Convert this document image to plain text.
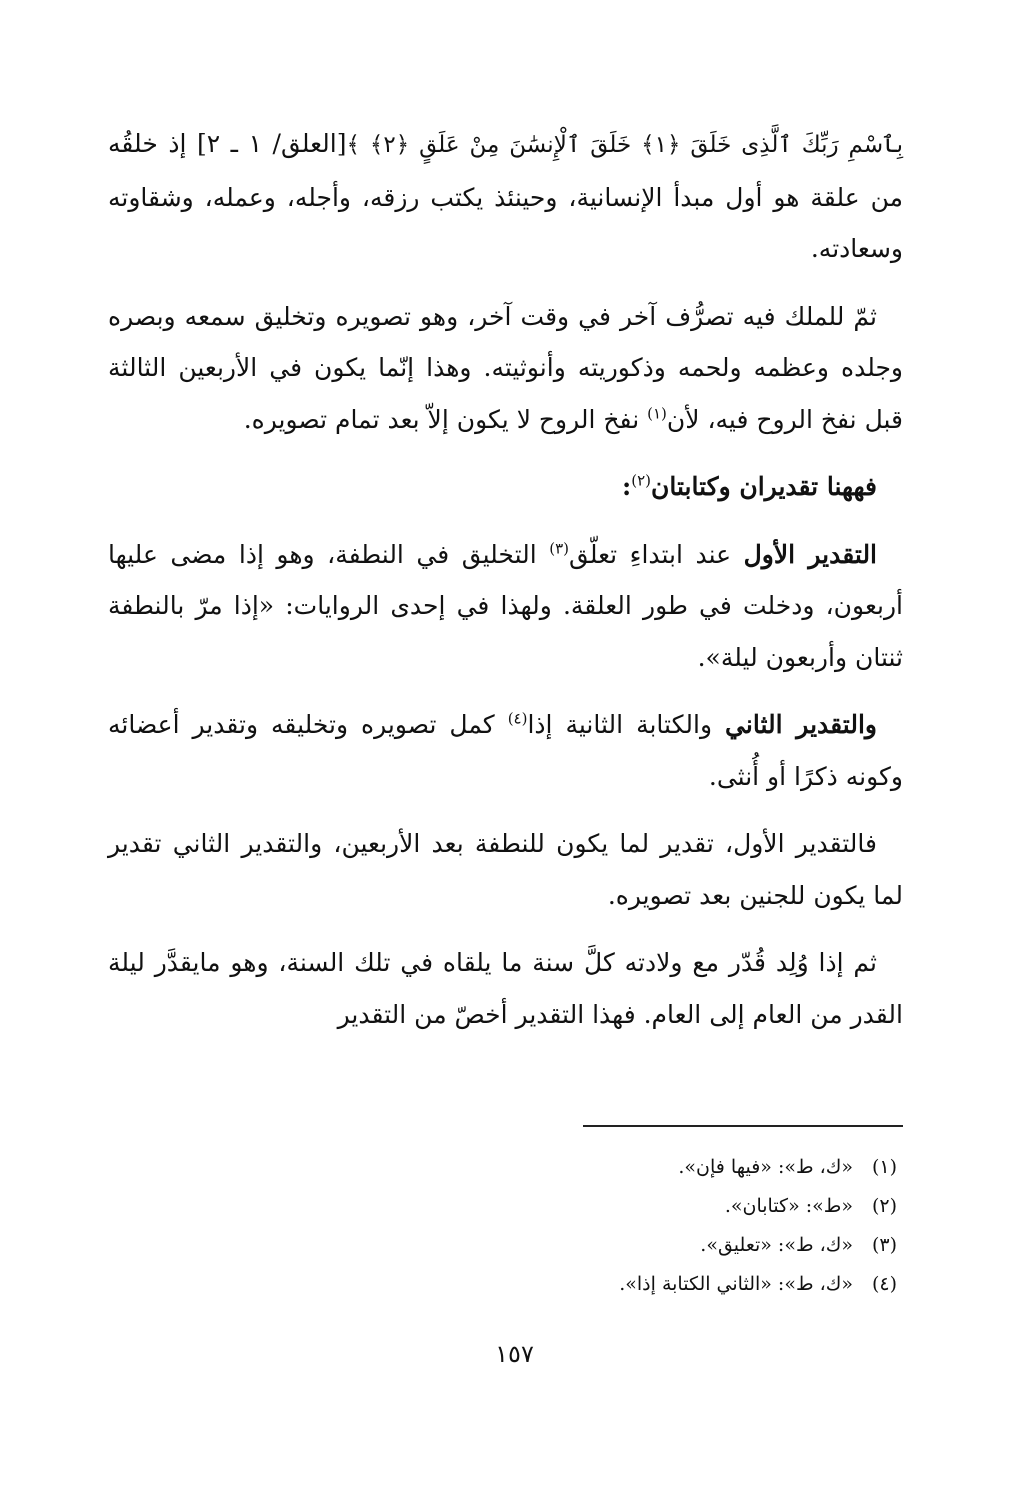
بِٱسْمِ رَبِّكَ ٱلَّذِى خَلَقَ ﴿١﴾ خَلَقَ ٱلْإِنسَٰنَ مِنْ عَلَقٍ ﴿٢﴾ ﴾[العلق/ ١ ـ ٢] إذ خلقُه من علقة هو أول مبدأ الإنسانية، وحينئذ يكتب رزقه، وأجله، وعمله، وشقاوته وسعادته.

ثمّ للملك فيه تصرُّف آخر في وقت آخر، وهو تصويره وتخليق سمعه وبصره وجلده وعظمه ولحمه وذكوريته وأنوثيته. وهذا إنّما يكون في الأربعين الثالثة قبل نفخ الروح فيه، لأن$^{(١)}$ نفخ الروح لا يكون إلاّ بعد تمام تصويره.

فههنا تقديران وكتابتان$^{(٢)}$:

التقدير الأول عند ابتداءِ تعلّق$^{(٣)}$ التخليق في النطفة، وهو إذا مضى عليها أربعون، ودخلت في طور العلقة. ولهذا في إحدى الروايات: «إذا مرّ بالنطفة ثنتان وأربعون ليلة».

والتقدير الثاني والكتابة الثانية إذا$^{(٤)}$ كمل تصويره وتخليقه وتقدير أعضائه وكونه ذكرًا أو أُنثى.

فالتقدير الأول، تقدير لما يكون للنطفة بعد الأربعين، والتقدير الثاني تقدير لما يكون للجنين بعد تصويره.

ثم إذا وُلِد قُدّر مع ولادته كلَّ سنة ما يلقاه في تلك السنة، وهو مايقدَّر ليلة القدر من العام إلى العام. فهذا التقدير أخصّ من التقدير

(١)«ك، ط»: «فيها فإن».

(٢)«ط»: «كتابان».

(٣)«ك، ط»: «تعليق».

(٤)«ك، ط»: «الثاني الكتابة إذا».

١٥٧
